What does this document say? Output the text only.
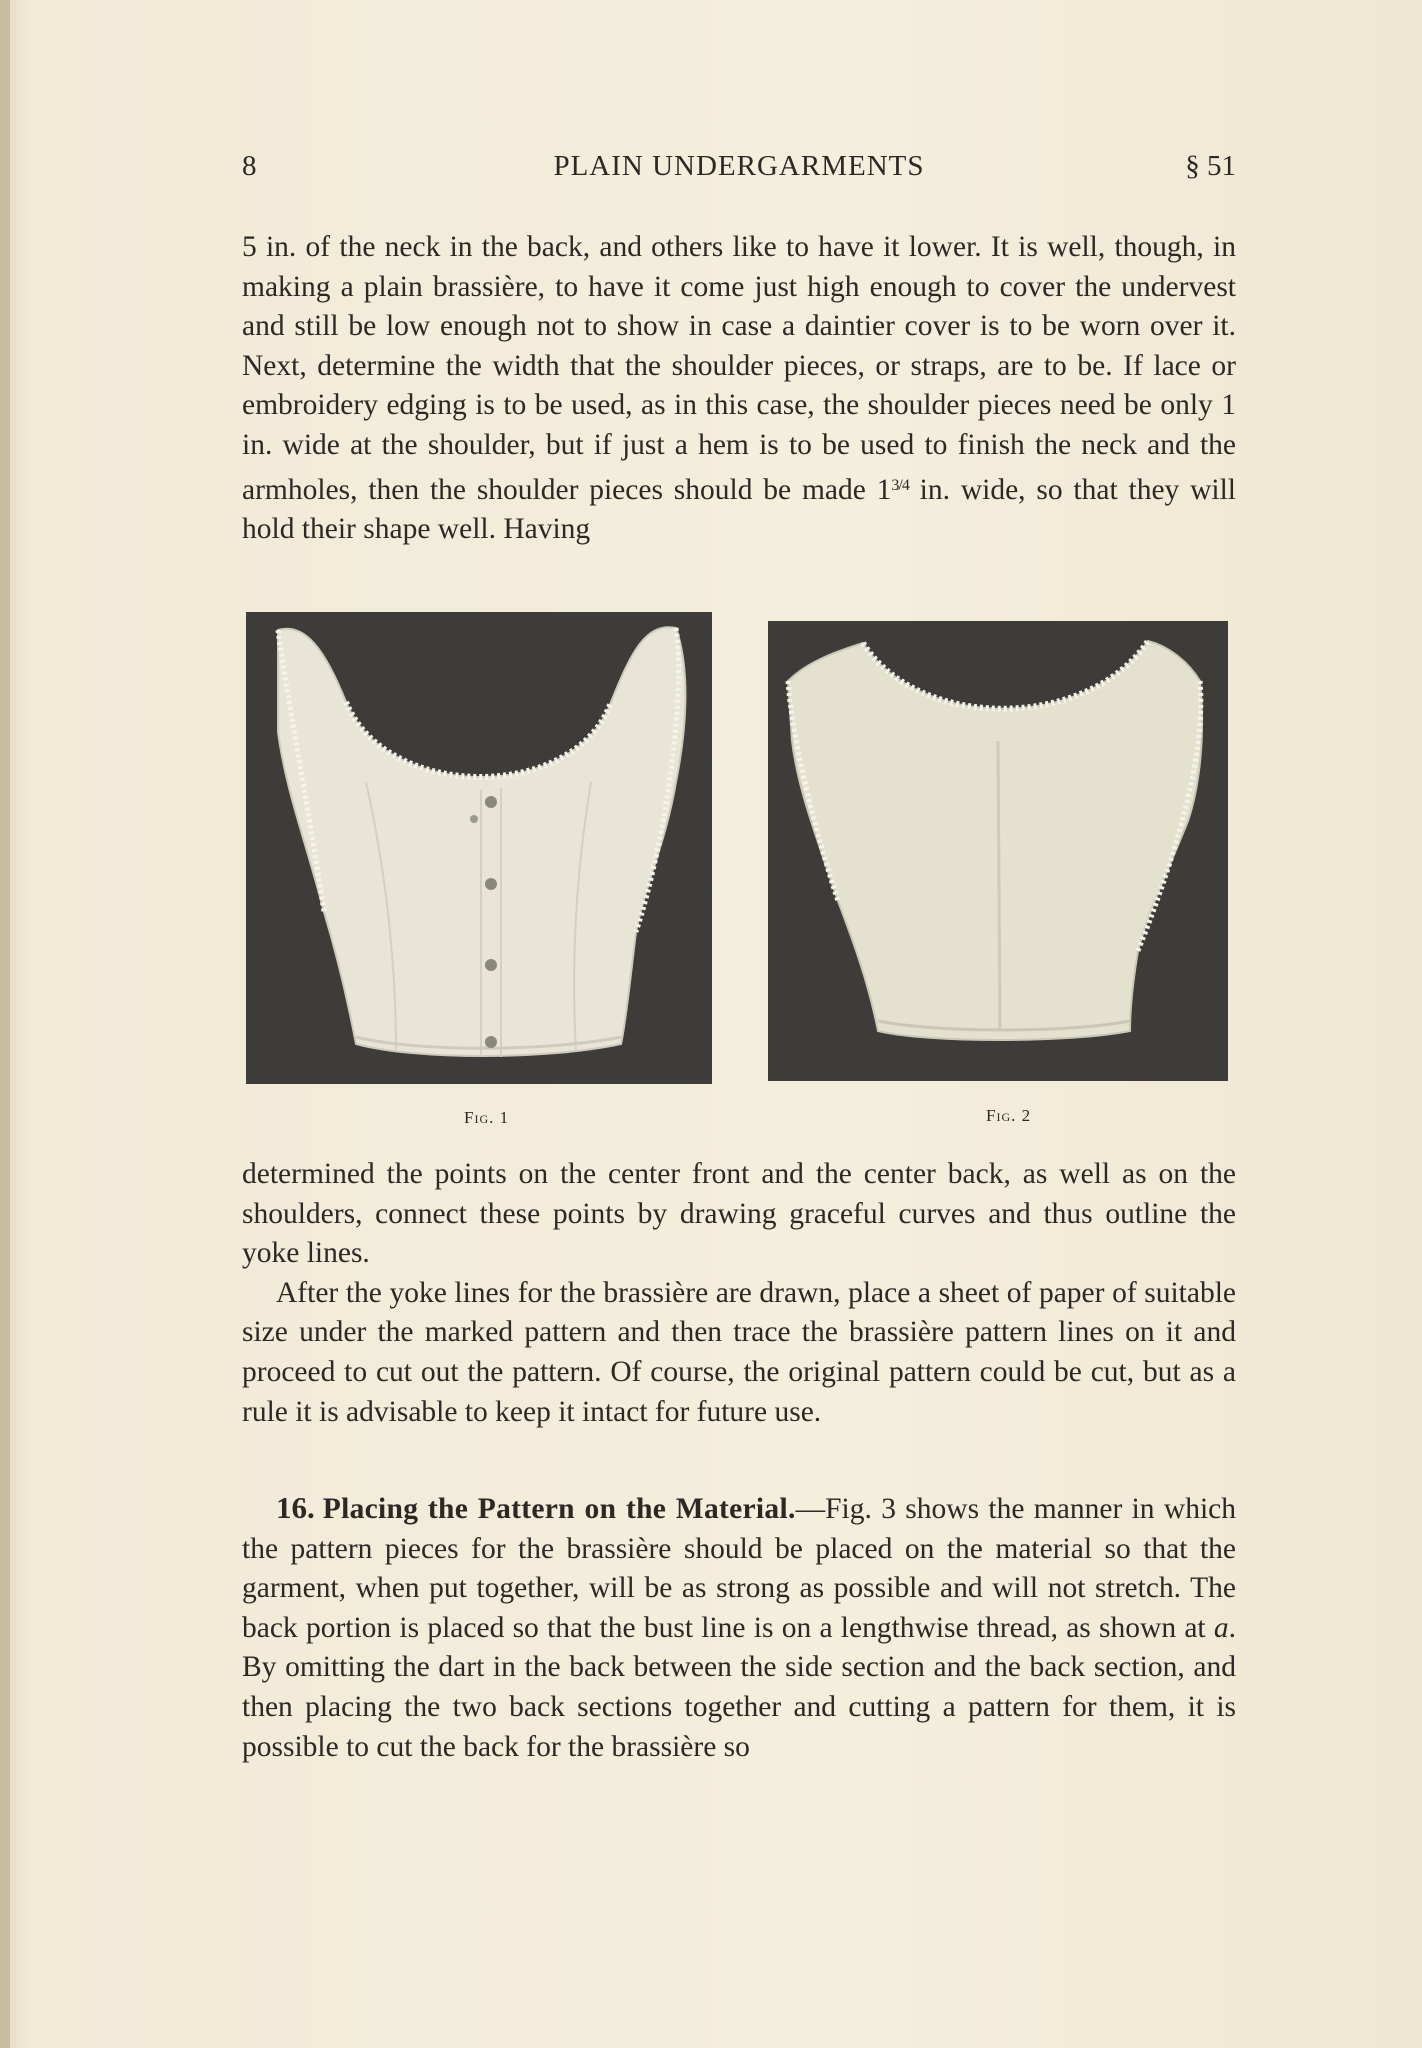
8	PLAIN UNDERGARMENTS	§ 51

5 in. of the neck in the back, and others like to have it lower. It is well, though, in making a plain brassière, to have it come just high enough to cover the undervest and still be low enough not to show in case a daintier cover is to be worn over it. Next, determine the width that the shoulder pieces, or straps, are to be. If lace or embroidery edging is to be used, as in this case, the shoulder pieces need be only 1 in. wide at the shoulder, but if just a hem is to be used to finish the neck and the armholes, then the shoulder pieces should be made $1^{3/4}$ in. wide, so that they will hold their shape well. Having

Fig. 1	Fig. 2

determined the points on the center front and the center back, as well as on the shoulders, connect these points by drawing graceful curves and thus outline the yoke lines.

After the yoke lines for the brassière are drawn, place a sheet of paper of suitable size under the marked pattern and then trace the brassière pattern lines on it and proceed to cut out the pattern. Of course, the original pattern could be cut, but as a rule it is advisable to keep it intact for future use.

16. Placing the Pattern on the Material.—Fig. 3 shows the manner in which the pattern pieces for the brassière should be placed on the material so that the garment, when put together, will be as strong as possible and will not stretch. The back portion is placed so that the bust line is on a lengthwise thread, as shown at a. By omitting the dart in the back between the side section and the back section, and then placing the two back sections together and cutting a pattern for them, it is possible to cut the back for the brassière so
